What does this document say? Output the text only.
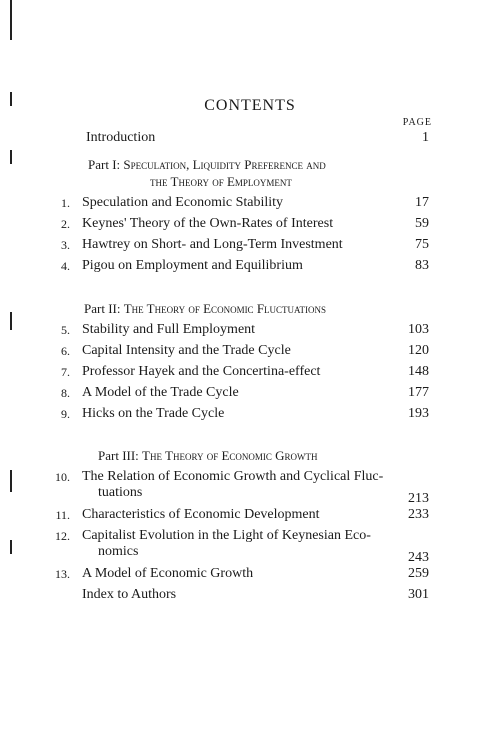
CONTENTS
PAGE
Introduction	1
Part I: Speculation, Liquidity Preference and
the Theory of Employment
1. Speculation and Economic Stability	17
2. Keynes' Theory of the Own-Rates of Interest	59
3. Hawtrey on Short- and Long-Term Investment	75
4. Pigou on Employment and Equilibrium	83
Part II: The Theory of Economic Fluctuations
5. Stability and Full Employment	103
6. Capital Intensity and the Trade Cycle	120
7. Professor Hayek and the Concertina-effect	148
8. A Model of the Trade Cycle	177
9. Hicks on the Trade Cycle	193
Part III: The Theory of Economic Growth
10. The Relation of Economic Growth and Cyclical Fluc-
tuations	213
11. Characteristics of Economic Development	233
12. Capitalist Evolution in the Light of Keynesian Eco-
nomics	243
13. A Model of Economic Growth	259
Index to Authors	301
